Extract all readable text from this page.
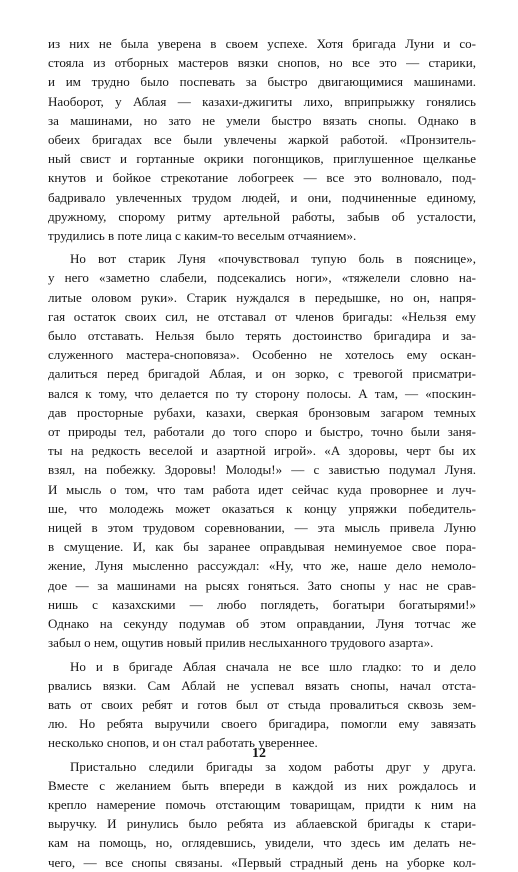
из них не была уверена в своем успехе. Хотя бригада Луни и со-
стояла из отборных мастеров вязки снопов, но все это — старики,
и им трудно было поспевать за быстро двигающимися машинами.
Наоборот, у Аблая — казахи-джигиты лихо, вприпрыжку гонялись
за машинами, но зато не умели быстро вязать снопы. Однако в
обеих бригадах все были увлечены жаркой работой. «Пронзитель-
ный свист и гортанные окрики погонщиков, приглушенное щелканье
кнутов и бойкое стрекотание лобогреек — все это волновало, под-
бадривало увлеченных трудом людей, и они, подчиненные единому,
дружному, спорому ритму артельной работы, забыв об усталости,
трудились в поте лица с каким-то веселым отчаянием».

Но вот старик Луня «почувствовал тупую боль в пояснице»,
у него «заметно слабели, подсекались ноги», «тяжелели словно на-
литые оловом руки». Старик нуждался в передышке, но он, напря-
гая остаток своих сил, не отставал от членов бригады: «Нельзя ему
было отставать. Нельзя было терять достоинство бригадира и за-
служенного мастера-сноповяза». Особенно не хотелось ему оскан-
далиться перед бригадой Аблая, и он зорко, с тревогой присматри-
вался к тому, что делается по ту сторону полосы. А там, — «поскин-
дав просторные рубахи, казахи, сверкая бронзовым загаром темных
от природы тел, работали до того споро и быстро, точно были заня-
ты на редкость веселой и азартной игрой». «А здоровы, черт бы их
взял, на побежку. Здоровы! Молоды!» — с завистью подумал Луня.
И мысль о том, что там работа идет сейчас куда проворнее и луч-
ше, что молодежь может оказаться к концу упряжки победитель-
ницей в этом трудовом соревновании, — эта мысль привела Луню
в смущение. И, как бы заранее оправдывая неминуемое свое пора-
жение, Луня мысленно рассуждал: «Ну, что же, наше дело немоло-
дое — за машинами на рысях гоняться. Зато снопы у нас не срав-
нишь с казахскими — любо поглядеть, богатыри богатырями!»
Однако на секунду подумав об этом оправдании, Луня тотчас же
забыл о нем, ощутив новый прилив неслыханного трудового азарта».

Но и в бригаде Аблая сначала не все шло гладко: то и дело
рвались вязки. Сам Аблай не успевал вязать снопы, начал отста-
вать от своих ребят и готов был от стыда провалиться сквозь зем-
лю. Но ребята выручили своего бригадира, помогли ему завязать
несколько снопов, и он стал работать увереннее.

Пристально следили бригады за ходом работы друг у друга.
Вместе с желанием быть впереди в каждой из них рождалось и
крепло намерение помочь отстающим товарищам, придти к ним на
выручку. И ринулись было ребята из аблаевской бригады к стари-
кам на помощь, но, оглядевшись, увидели, что здесь им делать не-
чего, — все снопы связаны. «Первый страдный день на уборке кол-

12
